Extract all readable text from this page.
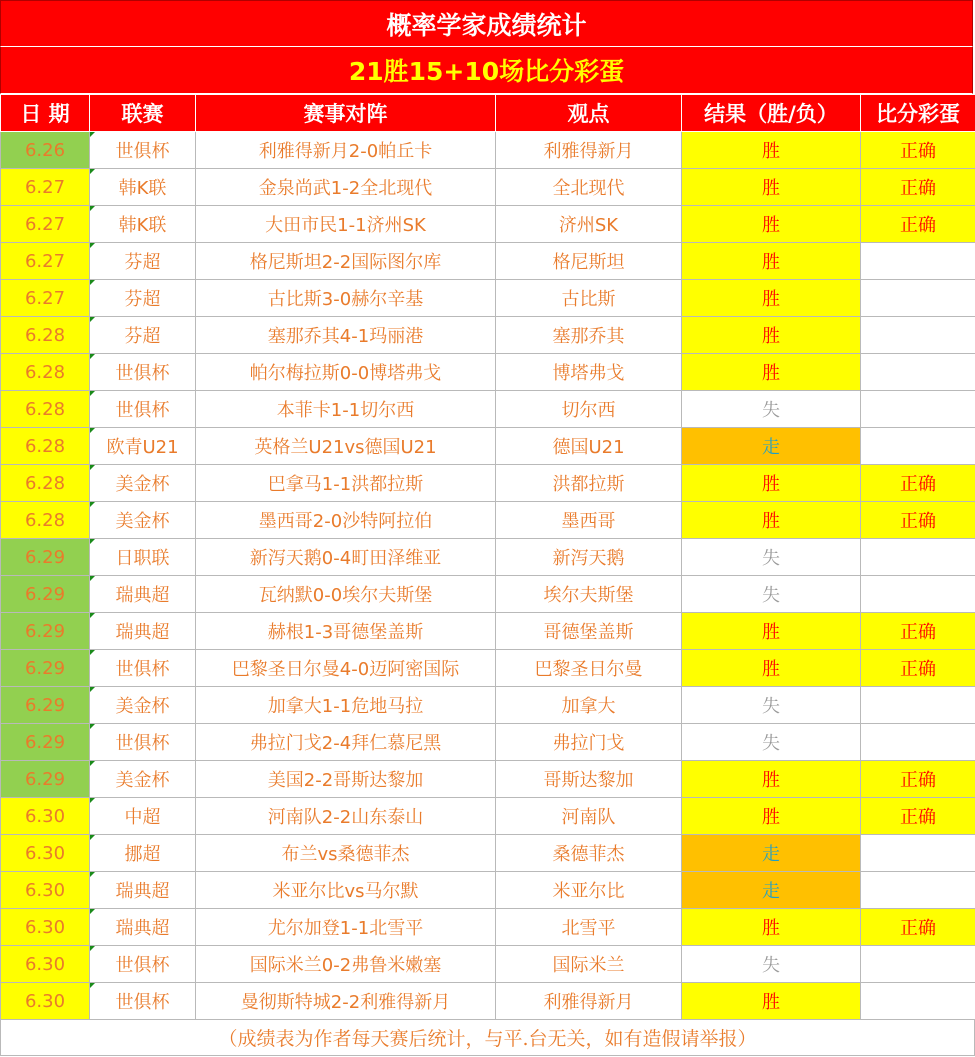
概率学家成绩统计
21胜15+10场比分彩蛋
日 期	联赛	赛事对阵	观点	结果（胜/负）	比分彩蛋
6.26	世俱杯	利雅得新月2-0帕丘卡	利雅得新月	胜	正确
6.27	韩K联	金泉尚武1-2全北现代	全北现代	胜	正确
6.27	韩K联	大田市民1-1济州SK	济州SK	胜	正确
6.27	芬超	格尼斯坦2-2国际图尔库	格尼斯坦	胜	
6.27	芬超	古比斯3-0赫尔辛基	古比斯	胜	
6.28	芬超	塞那乔其4-1玛丽港	塞那乔其	胜	
6.28	世俱杯	帕尔梅拉斯0-0博塔弗戈	博塔弗戈	胜	
6.28	世俱杯	本菲卡1-1切尔西	切尔西	失	
6.28	欧青U21	英格兰U21vs德国U21	德国U21	走	
6.28	美金杯	巴拿马1-1洪都拉斯	洪都拉斯	胜	正确
6.28	美金杯	墨西哥2-0沙特阿拉伯	墨西哥	胜	正确
6.29	日职联	新泻天鹅0-4町田泽维亚	新泻天鹅	失	
6.29	瑞典超	瓦纳默0-0埃尔夫斯堡	埃尔夫斯堡	失	
6.29	瑞典超	赫根1-3哥德堡盖斯	哥德堡盖斯	胜	正确
6.29	世俱杯	巴黎圣日尔曼4-0迈阿密国际	巴黎圣日尔曼	胜	正确
6.29	美金杯	加拿大1-1危地马拉	加拿大	失	
6.29	世俱杯	弗拉门戈2-4拜仁慕尼黑	弗拉门戈	失	
6.29	美金杯	美国2-2哥斯达黎加	哥斯达黎加	胜	正确
6.30	中超	河南队2-2山东泰山	河南队	胜	正确
6.30	挪超	布兰vs桑德菲杰	桑德菲杰	走	
6.30	瑞典超	米亚尔比vs马尔默	米亚尔比	走	
6.30	瑞典超	尤尔加登1-1北雪平	北雪平	胜	正确
6.30	世俱杯	国际米兰0-2弗鲁米嫩塞	国际米兰	失	
6.30	世俱杯	曼彻斯特城2-2利雅得新月	利雅得新月	胜	
（成绩表为作者每天赛后统计，与平.台无关，如有造假请举报）
